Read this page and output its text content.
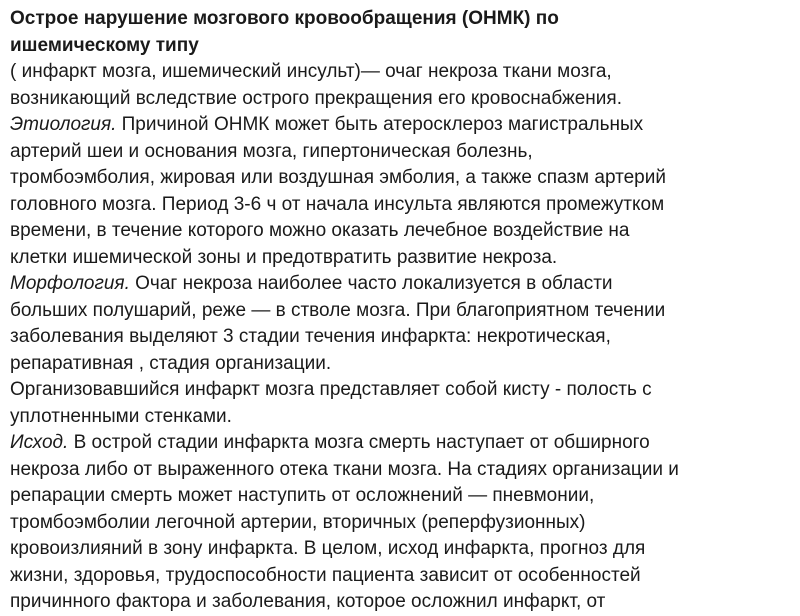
Острое нарушение мозгового кровообращения (ОНМК) по
ишемическому типу
( инфаркт мозга, ишемический инсульт)— очаг некроза ткани мозга,
возникающий вследствие острого прекращения его кровоснабжения.
Этиология. Причиной ОНМК может быть атеросклероз магистральных
артерий шеи и основания мозга, гипертоническая болезнь,
тромбоэмболия, жировая или воздушная эмболия, а также спазм артерий
головного мозга. Период 3-6 ч от начала инсульта являются промежутком
времени, в течение которого можно оказать лечебное воздействие на
клетки ишемической зоны и предотвратить развитие некроза.
Морфология. Очаг некроза наиболее часто локализуется в области
больших полушарий, реже — в стволе мозга. При благоприятном течении
заболевания выделяют 3 стадии течения инфаркта: некротическая,
репаративная , стадия организации.
Организовавшийся инфаркт мозга представляет собой кисту - полость с
уплотненными стенками.
Исход. В острой стадии инфаркта мозга смерть наступает от обширного
некроза либо от выраженного отека ткани мозга. На стадиях организации и
репарации смерть может наступить от осложнений — пневмонии,
тромбоэмболии легочной артерии, вторичных (реперфузионных)
кровоизлияний в зону инфаркта. В целом, исход инфаркта, прогноз для
жизни, здоровья, трудоспособности пациента зависит от особенностей
причинного фактора и заболевания, которое осложнил инфаркт, от
